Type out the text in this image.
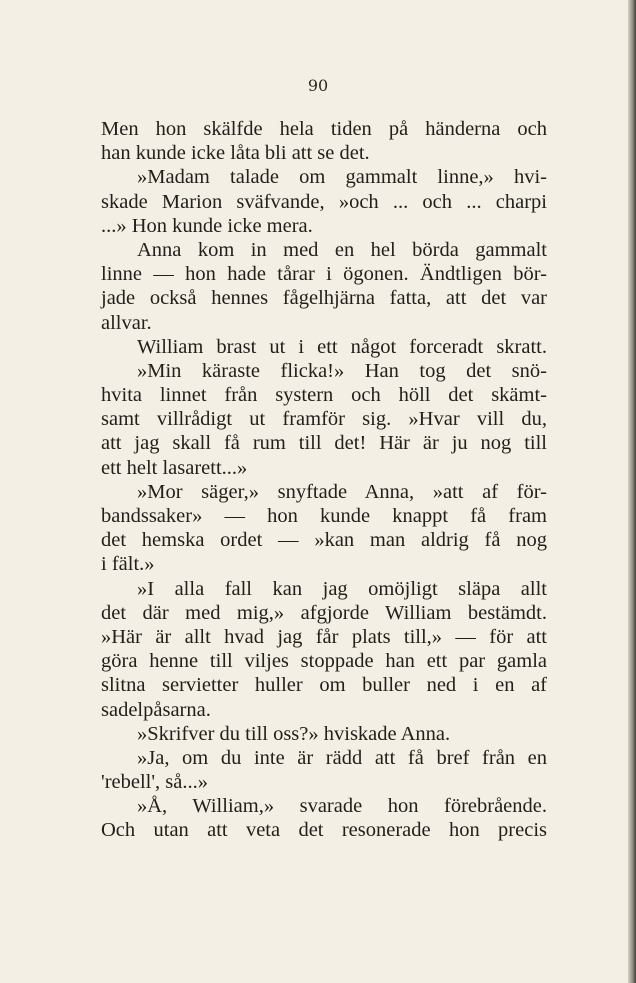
90
Men hon skälfde hela tiden på händerna och
han kunde icke låta bli att se det.
»Madam talade om gammalt linne,» hvi-
skade Marion sväfvande, »och ... och ... charpi
...» Hon kunde icke mera.
Anna kom in med en hel börda gammalt
linne — hon hade tårar i ögonen. Ändtligen bör-
jade också hennes fågelhjärna fatta, att det var
allvar.
William brast ut i ett något forceradt skratt.
»Min käraste flicka!» Han tog det snö-
hvita linnet från systern och höll det skämt-
samt villrådigt ut framför sig. »Hvar vill du,
att jag skall få rum till det! Här är ju nog till
ett helt lasarett...»
»Mor säger,» snyftade Anna, »att af för-
bandssaker» — hon kunde knappt få fram
det hemska ordet — »kan man aldrig få nog
i fält.»
»I alla fall kan jag omöjligt släpa allt
det där med mig,» afgjorde William bestämdt.
»Här är allt hvad jag får plats till,» — för att
göra henne till viljes stoppade han ett par gamla
slitna servietter huller om buller ned i en af
sadelpåsarna.
»Skrifver du till oss?» hviskade Anna.
»Ja, om du inte är rädd att få bref från en
'rebell', så...»
»Å, William,» svarade hon förebrående.
Och utan att veta det resonerade hon precis
